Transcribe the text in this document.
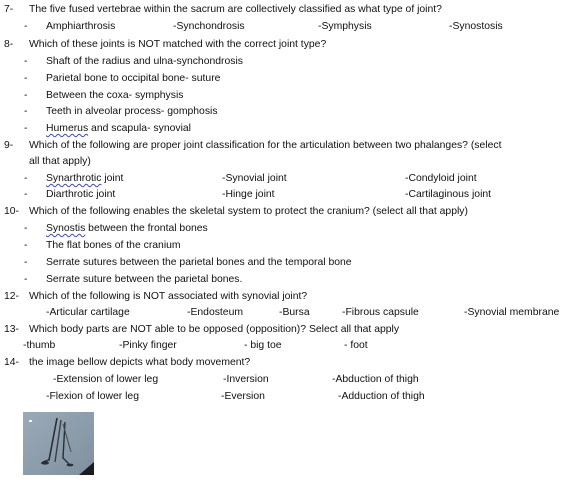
7- The five fused vertebrae within the sacrum are collectively classified as what type of joint?
- Amphiarthrosis	-Synchondrosis	-Symphysis	-Synostosis
8- Which of these joints is NOT matched with the correct joint type?
- Shaft of the radius and ulna-synchondrosis
- Parietal bone to occipital bone- suture
- Between the coxa- symphysis
- Teeth in alveolar process- gomphosis
- Humerus and scapula- synovial
9- Which of the following are proper joint classification for the articulation between two phalanges? (select
all that apply)
- Synarthrotic joint	-Synovial joint	-Condyloid joint
- Diarthrotic joint	-Hinge joint	-Cartilaginous joint
10- Which of the following enables the skeletal system to protect the cranium? (select all that apply)
- Synostis between the frontal bones
- The flat bones of the cranium
- Serrate sutures between the parietal bones and the temporal bone
- Serrate suture between the parietal bones.
12- Which of the following is NOT associated with synovial joint?
-Articular cartilage	-Endosteum	-Bursa	-Fibrous capsule	-Synovial membrane
13- Which body parts are NOT able to be opposed (opposition)? Select all that apply
-thumb	-Pinky finger	- big toe	- foot
14- the image bellow depicts what body movement?
-Extension of lower leg	-Inversion	-Abduction of thigh
-Flexion of lower leg	-Eversion	-Adduction of thigh
